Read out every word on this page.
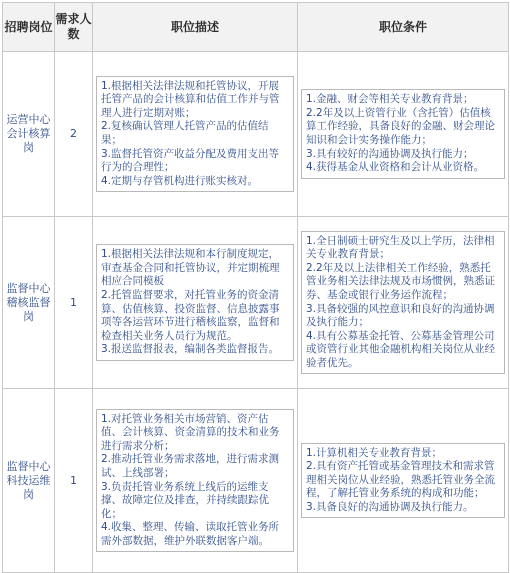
招聘岗位	需求人数	职位描述	职位条件

运营中心会计核算岗	2	1.根据相关法律法规和托管协议，开展托管产品的会计核算和估值工作并与管理人进行定期对账；
2.复核确认管理人托管产品的估值结果；
3.监督托管资产收益分配及费用支出等行为的合理性；
4.定期与存管机构进行账实核对。	1.金融、财会等相关专业教育背景；
2.2年及以上资管行业（含托管）估值核算工作经验，具备良好的金融、财会理论知识和会计实务操作能力；
3.具有较好的沟通协调及执行能力；
4.获得基金从业资格和会计从业资格。

监督中心稽核监督岗	1	1.根据相关法律法规和本行制度规定，审查基金合同和托管协议，并定期梳理相应合同模板
2.托管监督要求，对托管业务的资金清算、估值核算、投资监督、信息披露事项等各运营环节进行稽核监察，监督和检查相关业务人员行为规范。
3.报送监督报表，编制各类监督报告。	1.全日制硕士研究生及以上学历，法律相关专业教育背景；
2.2年及以上法律相关工作经验，熟悉托管业务相关法律法规及市场惯例，熟悉证券、基金或银行业务运作流程；
3.具备较强的风控意识和良好的沟通协调及执行能力；
4.具有公募基金托管、公募基金管理公司或资管行业其他金融机构相关岗位从业经验者优先。

监督中心科技运维岗	1	1.对托管业务相关市场营销、资产估值、会计核算、资金清算的技术和业务进行需求分析；
2.推动托管业务需求落地，进行需求测试、上线部署；
3.负责托管业务系统上线后的运维支撑、故障定位及排查，并持续跟踪优化；
4.收集、整理、传输、读取托管业务所需外部数据，维护外联数据客户端。	1.计算机相关专业教育背景；
2.具有资产托管或基金管理技术和需求管理相关岗位从业经验，熟悉托管业务全流程，了解托管业务系统的构成和功能；
3.具备良好的沟通协调及执行能力。
